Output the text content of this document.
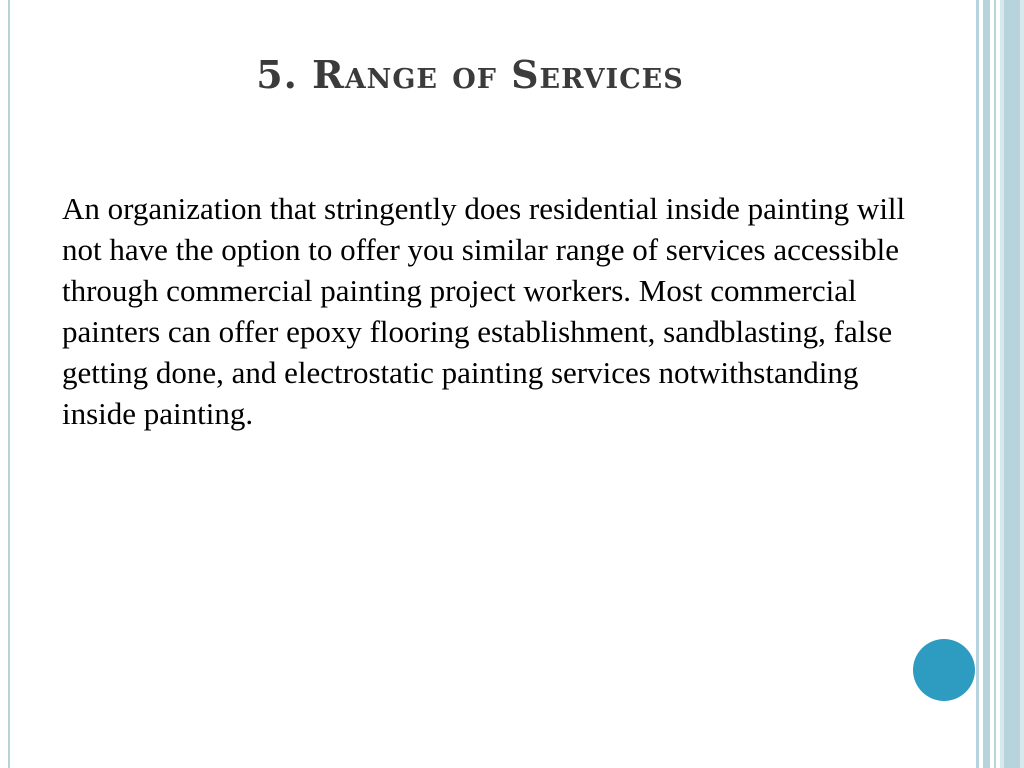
5. Range of Services
An organization that stringently does residential inside painting will not have the option to offer you similar range of services accessible through commercial painting project workers. Most commercial painters can offer epoxy flooring establishment, sandblasting, false getting done, and electrostatic painting services notwithstanding inside painting.
